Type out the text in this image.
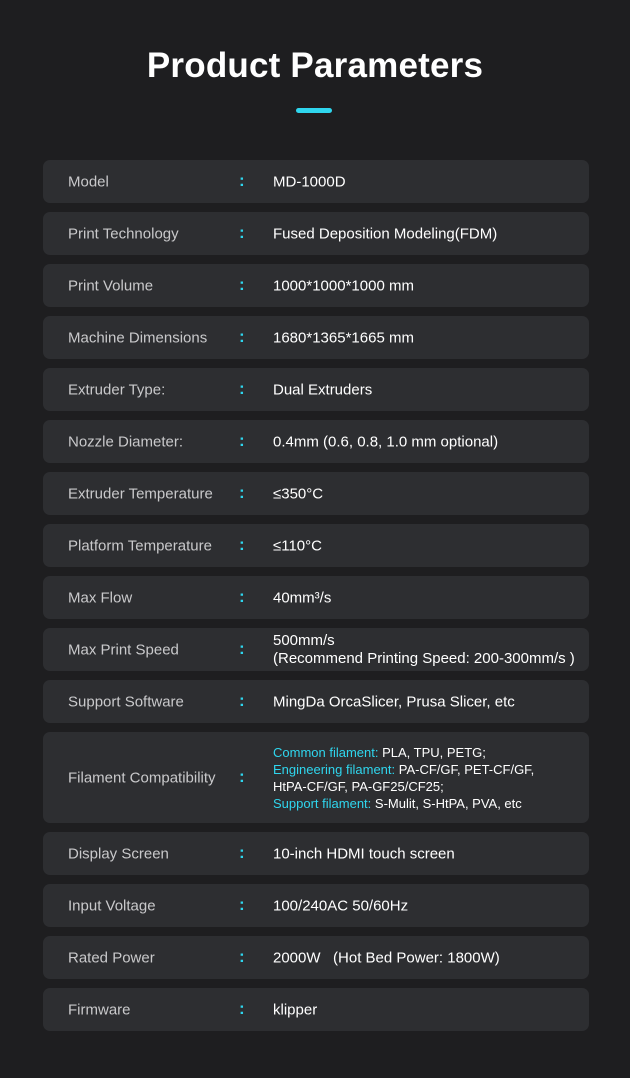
Product Parameters
Model	: MD-1000D
Print Technology	: Fused Deposition Modeling(FDM)
Print Volume	: 1000*1000*1000 mm
Machine Dimensions : 1680*1365*1665 mm
Extruder Type:	: Dual Extruders
Nozzle Diameter:	: 0.4mm (0.6, 0.8, 1.0 mm optional)
Extruder Temperature : ≤350°C
Platform Temperature : ≤110°C
Max Flow	: 40mm³/s
Max Print Speed	: 500mm/s
(Recommend Printing Speed: 200-300mm/s )
Support Software	: MingDa OrcaSlicer, Prusa Slicer, etc
Filament Compatibility :
Common filament: PLA, TPU, PETG;
Engineering filament: PA-CF/GF, PET-CF/GF,
HtPA-CF/GF, PA-GF25/CF25;
Support filament: S-Mulit, S-HtPA, PVA, etc
Display Screen	: 10-inch HDMI touch screen
Input Voltage	: 100/240AC 50/60Hz
Rated Power	: 2000W   (Hot Bed Power: 1800W)
Firmware	: klipper
